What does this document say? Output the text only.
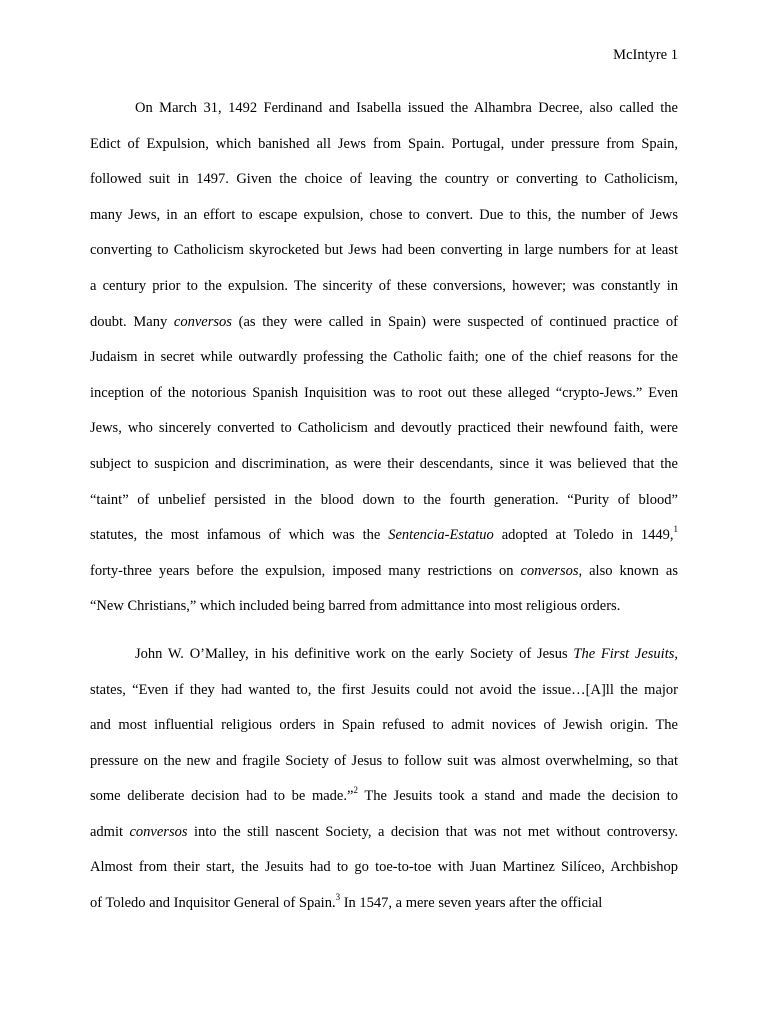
McIntyre 1

On March 31, 1492 Ferdinand and Isabella issued the Alhambra Decree, also called the
Edict of Expulsion, which banished all Jews from Spain. Portugal, under pressure from Spain,
followed suit in 1497. Given the choice of leaving the country or converting to Catholicism,
many Jews, in an effort to escape expulsion, chose to convert. Due to this, the number of Jews
converting to Catholicism skyrocketed but Jews had been converting in large numbers for at least
a century prior to the expulsion. The sincerity of these conversions, however; was constantly in
doubt. Many conversos (as they were called in Spain) were suspected of continued practice of
Judaism in secret while outwardly professing the Catholic faith; one of the chief reasons for the
inception of the notorious Spanish Inquisition was to root out these alleged “crypto-Jews.” Even
Jews, who sincerely converted to Catholicism and devoutly practiced their newfound faith, were
subject to suspicion and discrimination, as were their descendants, since it was believed that the
“taint” of unbelief persisted in the blood down to the fourth generation. “Purity of blood”
statutes, the most infamous of which was the Sentencia-Estatuo adopted at Toledo in 1449,$^1$
forty-three years before the expulsion, imposed many restrictions on conversos, also known as
“New Christians,” which included being barred from admittance into most religious orders.

John W. O’Malley, in his definitive work on the early Society of Jesus The First Jesuits,
states, “Even if they had wanted to, the first Jesuits could not avoid the issue…[A]ll the major
and most influential religious orders in Spain refused to admit novices of Jewish origin. The
pressure on the new and fragile Society of Jesus to follow suit was almost overwhelming, so that
some deliberate decision had to be made.”$^2$ The Jesuits took a stand and made the decision to
admit conversos into the still nascent Society, a decision that was not met without controversy.
Almost from their start, the Jesuits had to go toe-to-toe with Juan Martinez Silíceo, Archbishop
of Toledo and Inquisitor General of Spain.$^3$ In 1547, a mere seven years after the official
